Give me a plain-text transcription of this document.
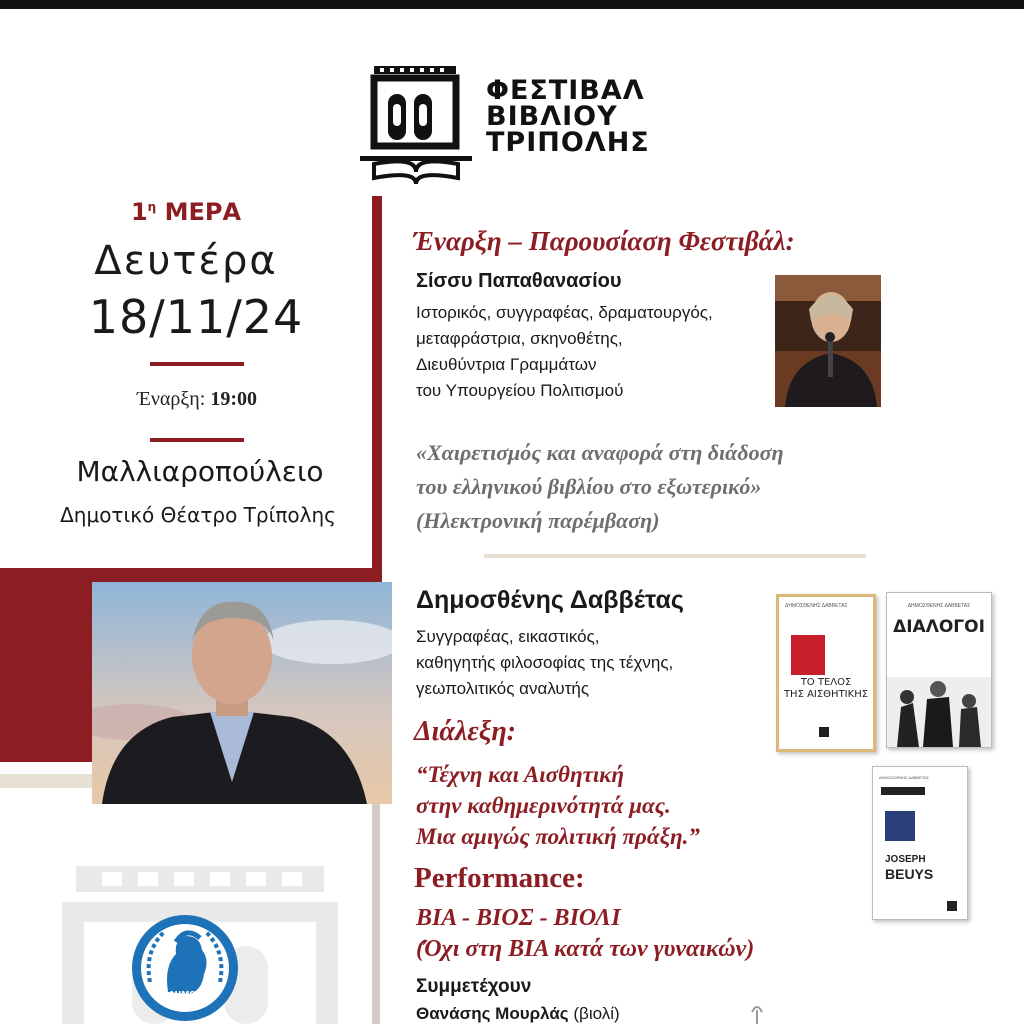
ΦΕΣΤΙΒΑΛ
ΒΙΒΛΙΟΥ
ΤΡΙΠΟΛΗΣ
$1^\eta$ ΜΕΡΑ
Δευτέρα
18/11/24
Έναρξη: 19:00
Μαλλιαροπούλειο
Δημοτικό Θέατρο Τρίπολης
Έναρξη – Παρουσίαση Φεστιβάλ:
Σίσσυ Παπαθανασίου
Ιστορικός, συγγραφέας, δραματουργός,
μεταφράστρια, σκηνοθέτης,
Διευθύντρια Γραμμάτων
του Υπουργείου Πολιτισμού
«Χαιρετισμός και αναφορά στη διάδοση
του ελληνικού βιβλίου στο εξωτερικό»
(Ηλεκτρονική παρέμβαση)
Δημοσθένης Δαββέτας
Συγγραφέας, εικαστικός,
καθηγητής φιλοσοφίας της τέχνης,
γεωπολιτικός αναλυτής
Διάλεξη:
“Τέχνη και Αισθητική
στην καθημερινότητά μας.
Μια αμιγώς πολιτική πράξη.”
Performance:
ΒΙΑ - ΒΙΟΣ - ΒΙΟΛΙ
(Όχι στη ΒΙΑ κατά των γυναικών)
Συμμετέχουν
Θανάσης Μουρλάς (βιολί)
ΔΗΜΟΣΘΕΝΗΣ ΔΑΒΒΕΤΑΣ
ΤΟ ΤΕΛΟΣ
ΤΗΣ ΑΙΣΘΗΤΙΚΗΣ
ΔΗΜΟΣΘΕΝΗΣ ΔΑΒΒΕΤΑΣ
ΔΙΑΛΟΓΟΙ
ΔΗΜΟΣΘΕΝΗΣ ΔΑΒΒΕΤΑΣ
JOSEPH
BEUYS
ΔΗΜΟΣ ΤΡΙΠΟΛΗΣ
